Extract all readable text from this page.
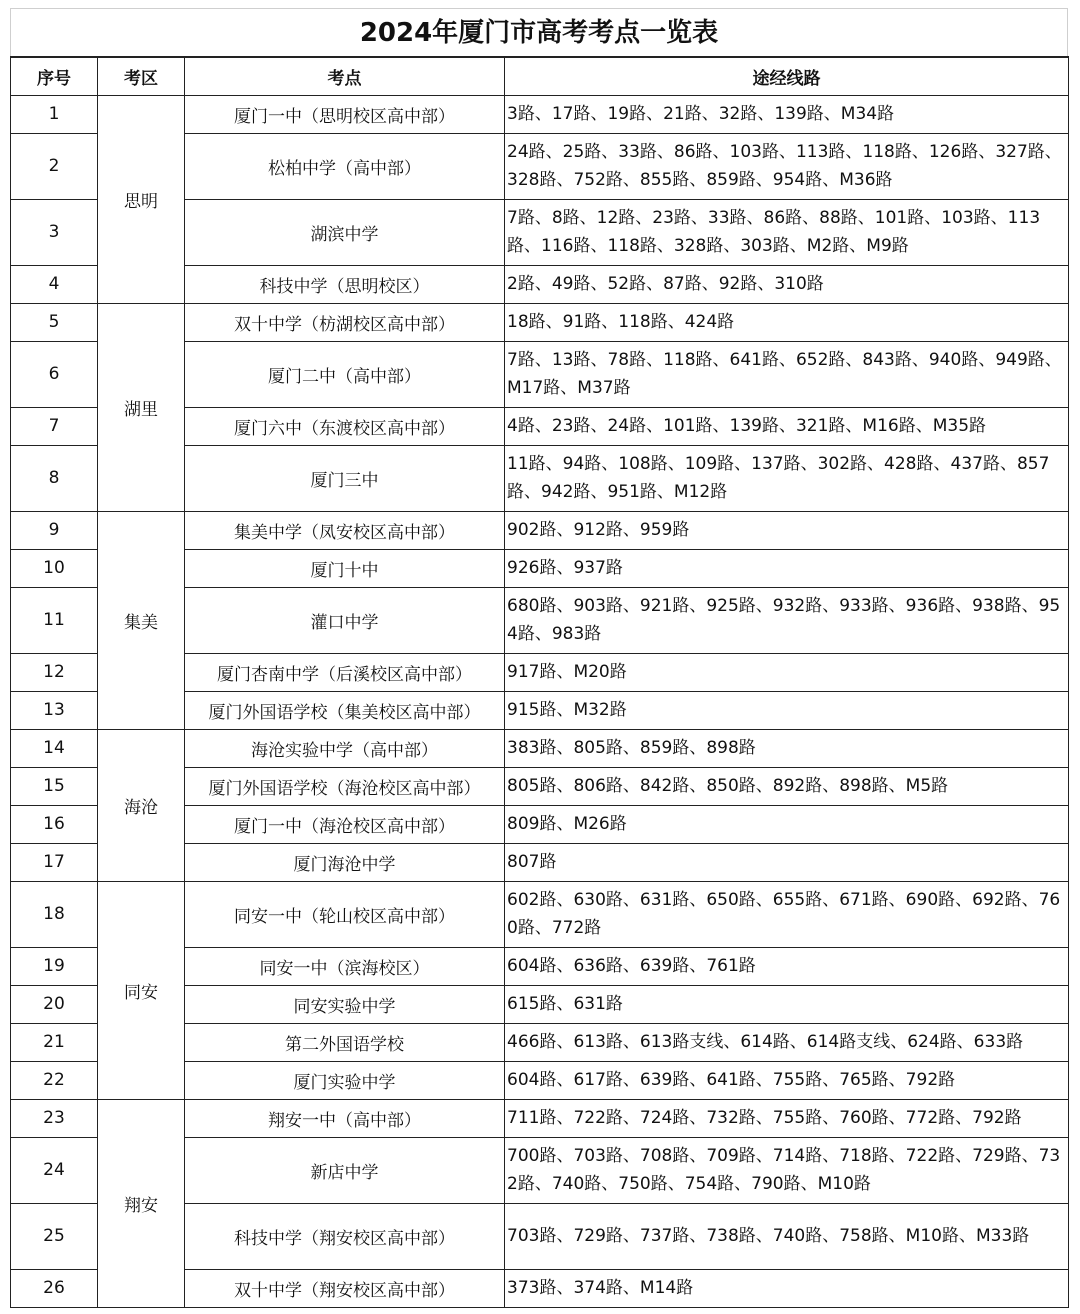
2024年厦门市高考考点一览表
序号	考区	考点	途经线路
1	思明	厦门一中（思明校区高中部）	3路、17路、19路、21路、32路、139路、M34路
2		松柏中学（高中部）	24路、25路、33路、86路、103路、113路、118路、126路、327路、328路、752路、855路、859路、954路、M36路
3		湖滨中学	7路、8路、12路、23路、33路、86路、88路、101路、103路、113路、116路、118路、328路、303路、M2路、M9路
4		科技中学（思明校区）	2路、49路、52路、87路、92路、310路
5	湖里	双十中学（枋湖校区高中部）	18路、91路、118路、424路
6		厦门二中（高中部）	7路、13路、78路、118路、641路、652路、843路、940路、949路、M17路、M37路
7		厦门六中（东渡校区高中部）	4路、23路、24路、101路、139路、321路、M16路、M35路
8		厦门三中	11路、94路、108路、109路、137路、302路、428路、437路、857路、942路、951路、M12路
9	集美	集美中学（凤安校区高中部）	902路、912路、959路
10		厦门十中	926路、937路
11		灌口中学	680路、903路、921路、925路、932路、933路、936路、938路、954路、983路
12		厦门杏南中学（后溪校区高中部）	917路、M20路
13		厦门外国语学校（集美校区高中部）	915路、M32路
14	海沧	海沧实验中学（高中部）	383路、805路、859路、898路
15		厦门外国语学校（海沧校区高中部）	805路、806路、842路、850路、892路、898路、M5路
16		厦门一中（海沧校区高中部）	809路、M26路
17		厦门海沧中学	807路
18	同安	同安一中（轮山校区高中部）	602路、630路、631路、650路、655路、671路、690路、692路、760路、772路
19		同安一中（滨海校区）	604路、636路、639路、761路
20		同安实验中学	615路、631路
21		第二外国语学校	466路、613路、613路支线、614路、614路支线、624路、633路
22		厦门实验中学	604路、617路、639路、641路、755路、765路、792路
23	翔安	翔安一中（高中部）	711路、722路、724路、732路、755路、760路、772路、792路
24		新店中学	700路、703路、708路、709路、714路、718路、722路、729路、732路、740路、750路、754路、790路、M10路
25		科技中学（翔安校区高中部）	703路、729路、737路、738路、740路、758路、M10路、M33路
26		双十中学（翔安校区高中部）	373路、374路、M14路
